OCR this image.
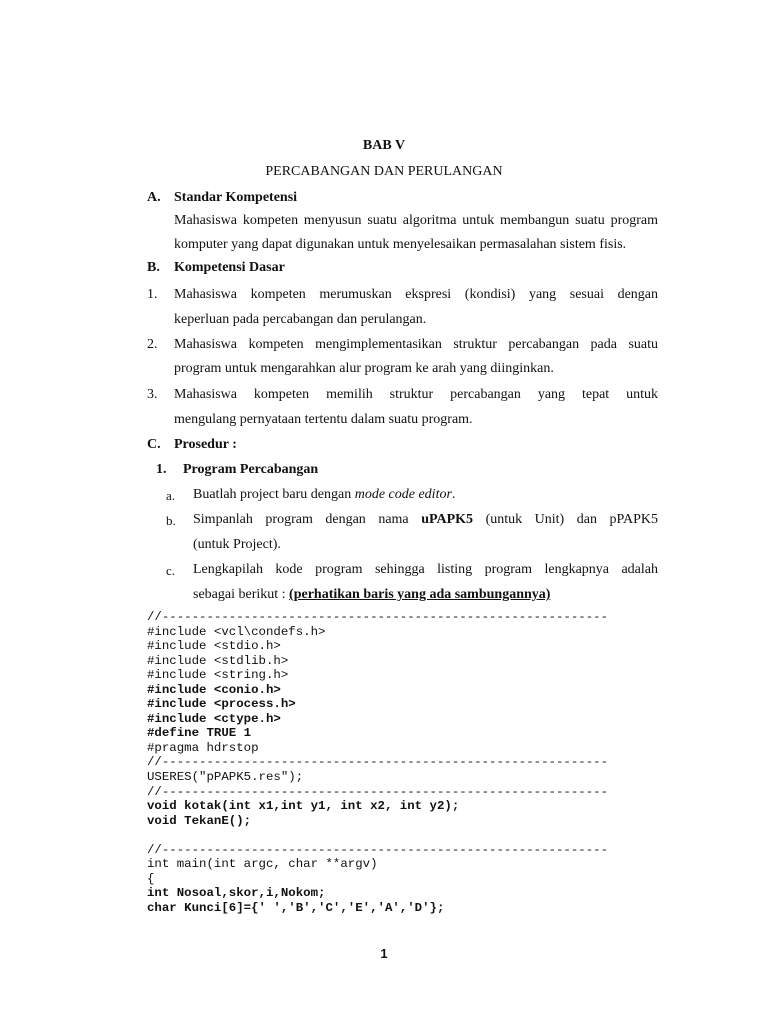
BAB V
PERCABANGAN DAN PERULANGAN
A. Standar Kompetensi
Mahasiswa kompeten menyusun suatu algoritma untuk membangun suatu program
komputer yang dapat digunakan untuk menyelesaikan permasalahan sistem fisis.
B. Kompetensi Dasar
1. Mahasiswa kompeten merumuskan ekspresi (kondisi) yang sesuai dengan
keperluan pada percabangan dan perulangan.
2. Mahasiswa kompeten mengimplementasikan struktur percabangan pada suatu
program untuk mengarahkan alur program ke arah yang diinginkan.
3. Mahasiswa kompeten memilih struktur percabangan yang tepat untuk
mengulang pernyataan tertentu dalam suatu program.
C. Prosedur :
1. Program Percabangan
a. Buatlah project baru dengan mode code editor.
b. Simpanlah program dengan nama uPAPK5 (untuk Unit) dan pPAPK5
(untuk Project).
c. Lengkapilah kode program sehingga listing program lengkapnya adalah
sebagai berikut : (perhatikan baris yang ada sambungannya)
//------------------------------------------------------------
#include <vcl\condefs.h>
#include <stdio.h>
#include <stdlib.h>
#include <string.h>
#include <conio.h>
#include <process.h>
#include <ctype.h>
#define TRUE 1
#pragma hdrstop
//------------------------------------------------------------
USERES("pPAPK5.res");
//------------------------------------------------------------
void kotak(int x1,int y1, int x2, int y2);
void TekanE();
//------------------------------------------------------------
int main(int argc, char **argv)
{
int Nosoal,skor,i,Nokom;
char Kunci[6]={' ','B','C','E','A','D'};
1
